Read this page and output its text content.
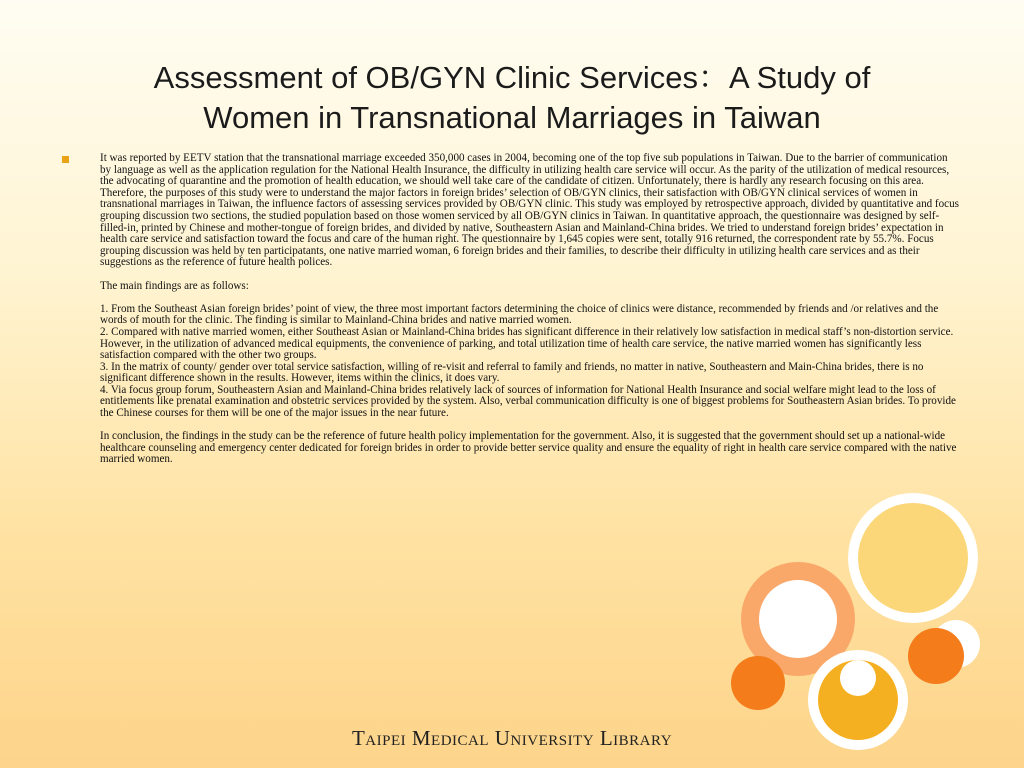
Assessment of OB/GYN Clinic Services：A Study of
Women in Transnational Marriages in Taiwan

It was reported by EETV station that the transnational marriage exceeded 350,000 cases in 2004, becoming one of the top five sub populations in Taiwan. Due to the barrier of communication by language as well as the application regulation for the National Health Insurance, the difficulty in utilizing health care service will occur. As the parity of the utilization of medical resources, the advocating of quarantine and the promotion of health education, we should well take care of the candidate of citizen. Unfortunately, there is hardly any research focusing on this area. Therefore, the purposes of this study were to understand the major factors in foreign brides’ selection of OB/GYN clinics, their satisfaction with OB/GYN clinical services of women in transnational marriages in Taiwan, the influence factors of assessing services provided by OB/GYN clinic. This study was employed by retrospective approach, divided by quantitative and focus grouping discussion two sections, the studied population based on those women serviced by all OB/GYN clinics in Taiwan. In quantitative approach, the questionnaire was designed by self-filled-in, printed by Chinese and mother-tongue of foreign brides, and divided by native, Southeastern Asian and Mainland-China brides. We tried to understand foreign brides’ expectation in health care service and satisfaction toward the focus and care of the human right. The questionnaire by 1,645 copies were sent, totally 916 returned, the correspondent rate by 55.7%. Focus grouping discussion was held by ten participatants, one native married woman, 6 foreign brides and their families, to describe their difficulty in utilizing health care services and as their suggestions as the reference of future health polices.

The main findings are as follows:

1. From the Southeast Asian foreign brides’ point of view, the three most important factors determining the choice of clinics were distance, recommended by friends and /or relatives and the words of mouth for the clinic. The finding is similar to Mainland-China brides and native married women.

2. Compared with native married women, either Southeast Asian or Mainland-China brides has significant difference in their relatively low satisfaction in medical staff’s non-distortion service. However, in the utilization of advanced medical equipments, the convenience of parking, and total utilization time of health care service, the native married women has significantly less satisfaction compared with the other two groups.

3. In the matrix of county/ gender over total service satisfaction, willing of re-visit and referral to family and friends, no matter in native, Southeastern and Main-China brides, there is no significant difference shown in the results. However, items within the clinics, it does vary.

4. Via focus group forum, Southeastern Asian and Mainland-China brides relatively lack of sources of information for National Health Insurance and social welfare might lead to the loss of entitlements like prenatal examination and obstetric services provided by the system. Also, verbal communication difficulty is one of biggest problems for Southeastern Asian brides. To provide the Chinese courses for them will be one of the major issues in the near future.

In conclusion, the findings in the study can be the reference of future health policy implementation for the government. Also, it is suggested that the government should set up a national-wide healthcare counseling and emergency center dedicated for foreign brides in order to provide better service quality and ensure the equality of right in health care service compared with the native married women.

Taipei Medical University Library
